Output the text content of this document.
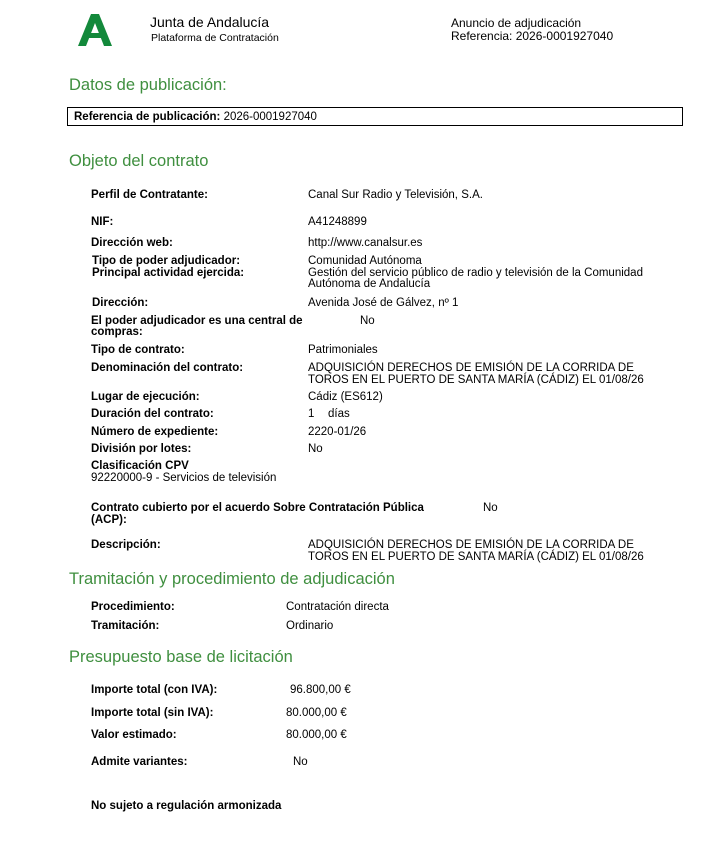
Junta de Andalucía
Plataforma de Contratación
Anuncio de adjudicación
Referencia: 2026-0001927040
Datos de publicación:
Referencia de publicación: 2026-0001927040
Objeto del contrato
Perfil de Contratante:	Canal Sur Radio y Televisión, S.A.
NIF:	A41248899
Dirección web:	http://www.canalsur.es
Tipo de poder adjudicador:	Comunidad Autónoma
Principal actividad ejercida:	Gestión del servicio público de radio y televisión de la Comunidad
Autónoma de Andalucía
Dirección:	Avenida José de Gálvez, nº 1
El poder adjudicador es una central de
compras:
No
Tipo de contrato:	Patrimoniales
Denominación del contrato:	ADQUISICIÓN DERECHOS DE EMISIÓN DE LA CORRIDA DE
TOROS EN EL PUERTO DE SANTA MARÍA (CÁDIZ) EL 01/08/26
Lugar de ejecución:	Cádiz (ES612)
Duración del contrato:	1 días
Número de expediente:	2220-01/26
División por lotes:	No
Clasificación CPV
92220000-9 - Servicios de televisión
Contrato cubierto por el acuerdo Sobre Contratación Pública
(ACP):
No
Descripción:	ADQUISICIÓN DERECHOS DE EMISIÓN DE LA CORRIDA DE
TOROS EN EL PUERTO DE SANTA MARÍA (CÁDIZ) EL 01/08/26
Tramitación y procedimiento de adjudicación
Procedimiento:	Contratación directa
Tramitación:	Ordinario
Presupuesto base de licitación
Importe total (con IVA):	96.800,00 €
Importe total (sin IVA):	80.000,00 €
Valor estimado:	80.000,00 €
Admite variantes:	No
No sujeto a regulación armonizada
